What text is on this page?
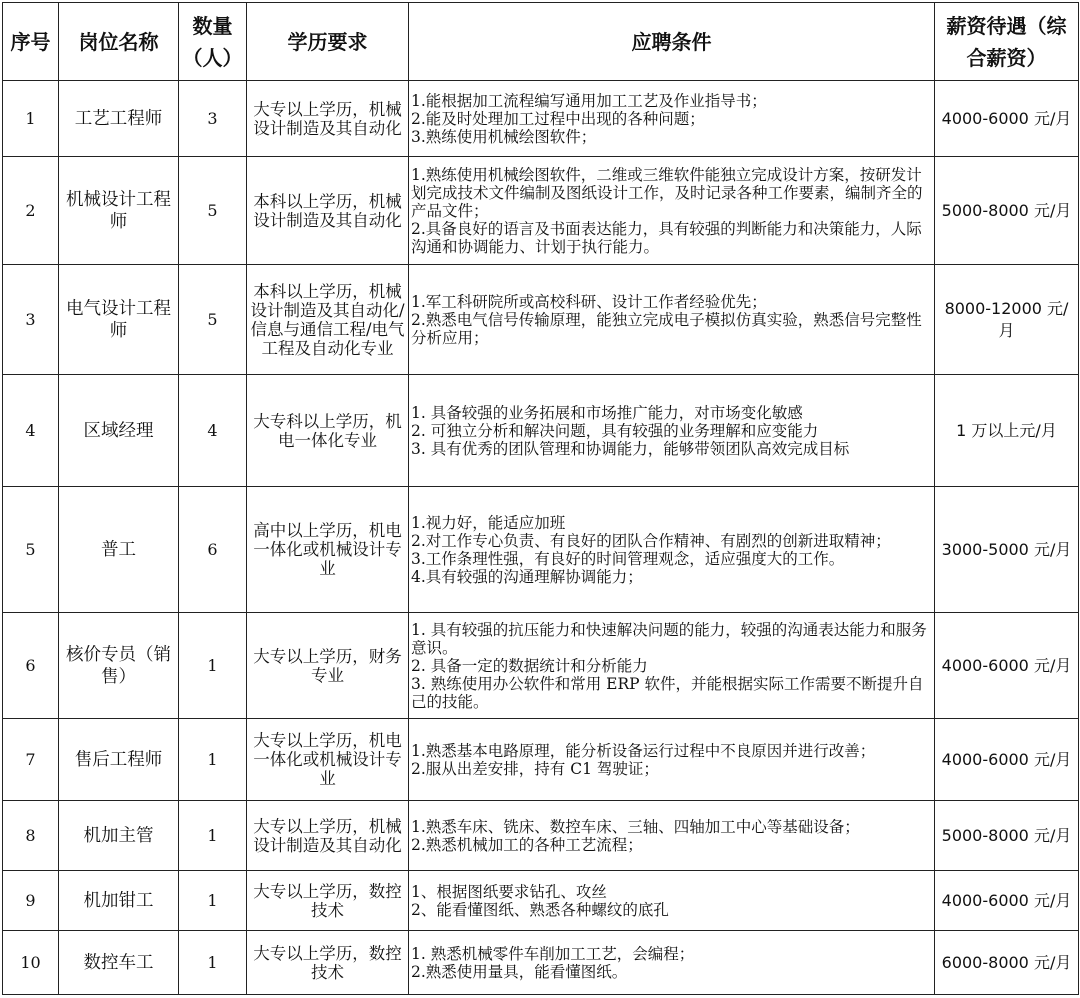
序号	岗位名称	数量（人）	学历要求	应聘条件	薪资待遇（综合薪资）
1	工艺工程师	3	大专以上学历，机械设计制造及其自动化	1.能根据加工流程编写通用加工工艺及作业指导书；
2.能及时处理加工过程中出现的各种问题；
3.熟练使用机械绘图软件；	4000-6000 元/月
2	机械设计工程师	5	本科以上学历，机械设计制造及其自动化	1.熟练使用机械绘图软件，二维或三维软件能独立完成设计方案，按研发计划完成技术文件编制及图纸设计工作，及时记录各种工作要素，编制齐全的产品文件；
2.具备良好的语言及书面表达能力，具有较强的判断能力和决策能力，人际沟通和协调能力、计划于执行能力。	5000-8000 元/月
3	电气设计工程师	5	本科以上学历，机械设计制造及其自动化/信息与通信工程/电气工程及自动化专业	1.军工科研院所或高校科研、设计工作者经验优先；
2.熟悉电气信号传输原理，能独立完成电子模拟仿真实验，熟悉信号完整性分析应用；	8000-12000 元/月
4	区域经理	4	大专科以上学历，机电一体化专业	1. 具备较强的业务拓展和市场推广能力，对市场变化敏感
2. 可独立分析和解决问题，具有较强的业务理解和应变能力
3. 具有优秀的团队管理和协调能力，能够带领团队高效完成目标	1 万以上元/月
5	普工	6	高中以上学历，机电一体化或机械设计专业	1.视力好，能适应加班
2.对工作专心负责、有良好的团队合作精神、有剧烈的创新进取精神；
3.工作条理性强，有良好的时间管理观念，适应强度大的工作。
4.具有较强的沟通理解协调能力；	3000-5000 元/月
6	核价专员（销售）	1	大专以上学历，财务专业	1. 具有较强的抗压能力和快速解决问题的能力，较强的沟通表达能力和服务意识。
2. 具备一定的数据统计和分析能力
3. 熟练使用办公软件和常用 ERP 软件，并能根据实际工作需要不断提升自己的技能。	4000-6000 元/月
7	售后工程师	1	大专以上学历，机电一体化或机械设计专业	1.熟悉基本电路原理，能分析设备运行过程中不良原因并进行改善；
2.服从出差安排，持有 C1 驾驶证；	4000-6000 元/月
8	机加主管	1	大专以上学历，机械设计制造及其自动化	1.熟悉车床、铣床、数控车床、三轴、四轴加工中心等基础设备；
2.熟悉机械加工的各种工艺流程；	5000-8000 元/月
9	机加钳工	1	大专以上学历，数控技术	1、根据图纸要求钻孔、攻丝
2、能看懂图纸、熟悉各种螺纹的底孔	4000-6000 元/月
10	数控车工	1	大专以上学历，数控技术	1. 熟悉机械零件车削加工工艺，会编程；
2.熟悉使用量具，能看懂图纸。	6000-8000 元/月
